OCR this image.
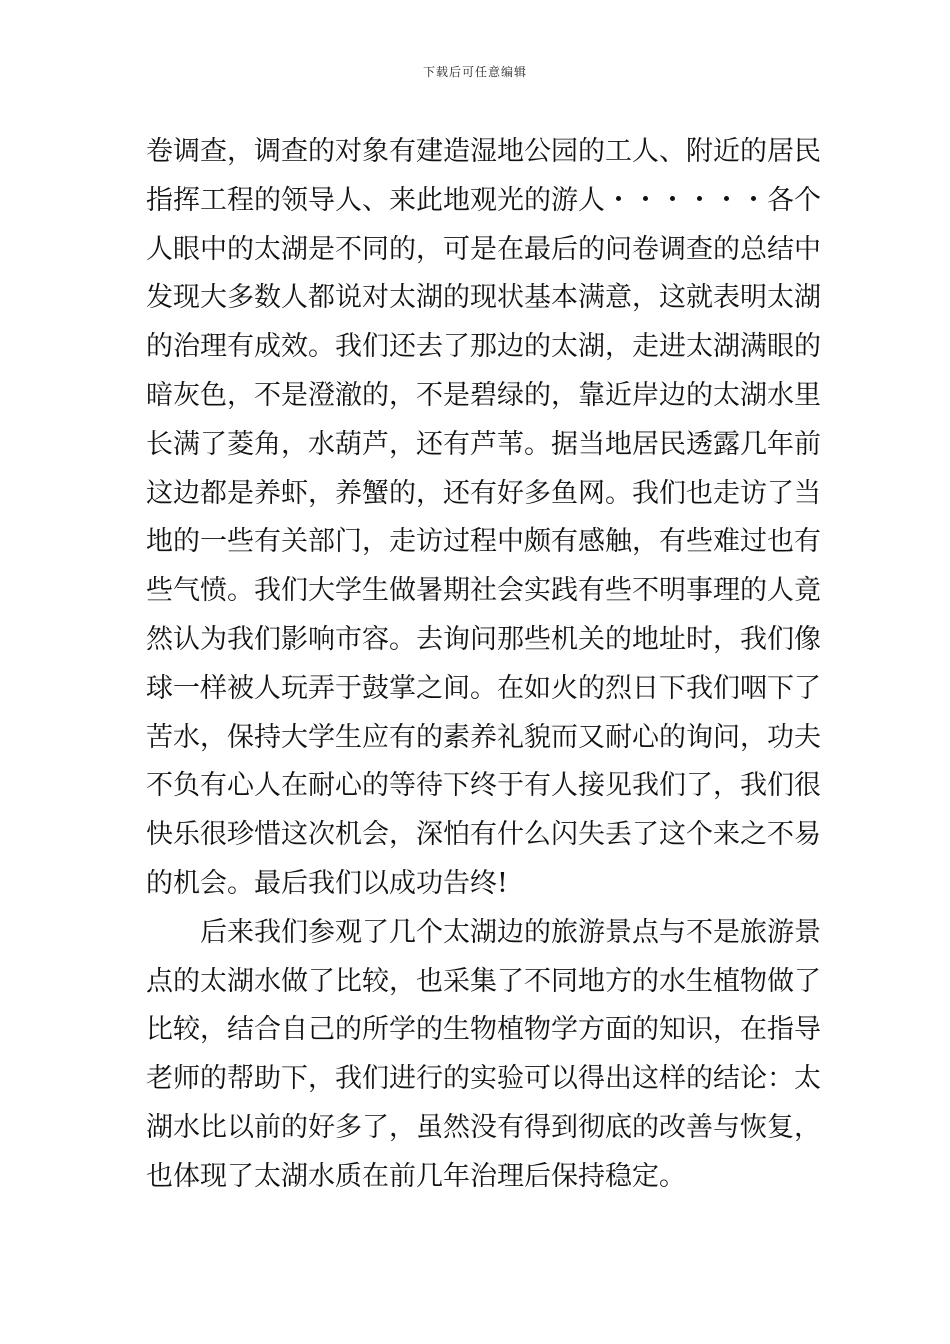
下载后可任意编辑
卷调查，调查的对象有建造湿地公园的工人、附近的居民
指挥工程的领导人、来此地观光的游人・・・・・・各个
人眼中的太湖是不同的，可是在最后的问卷调查的总结中
发现大多数人都说对太湖的现状基本满意，这就表明太湖
的治理有成效。我们还去了那边的太湖，走进太湖满眼的
暗灰色，不是澄澈的，不是碧绿的，靠近岸边的太湖水里
长满了菱角，水葫芦，还有芦苇。据当地居民透露几年前
这边都是养虾，养蟹的，还有好多鱼网。我们也走访了当
地的一些有关部门，走访过程中颇有感触，有些难过也有
些气愤。我们大学生做暑期社会实践有些不明事理的人竟
然认为我们影响市容。去询问那些机关的地址时，我们像
球一样被人玩弄于鼓掌之间。在如火的烈日下我们咽下了
苦水，保持大学生应有的素养礼貌而又耐心的询问，功夫
不负有心人在耐心的等待下终于有人接见我们了，我们很
快乐很珍惜这次机会，深怕有什么闪失丢了这个来之不易
的机会。最后我们以成功告终!
后来我们参观了几个太湖边的旅游景点与不是旅游景
点的太湖水做了比较，也采集了不同地方的水生植物做了
比较，结合自己的所学的生物植物学方面的知识，在指导
老师的帮助下，我们进行的实验可以得出这样的结论：太
湖水比以前的好多了，虽然没有得到彻底的改善与恢复，
也体现了太湖水质在前几年治理后保持稳定。
